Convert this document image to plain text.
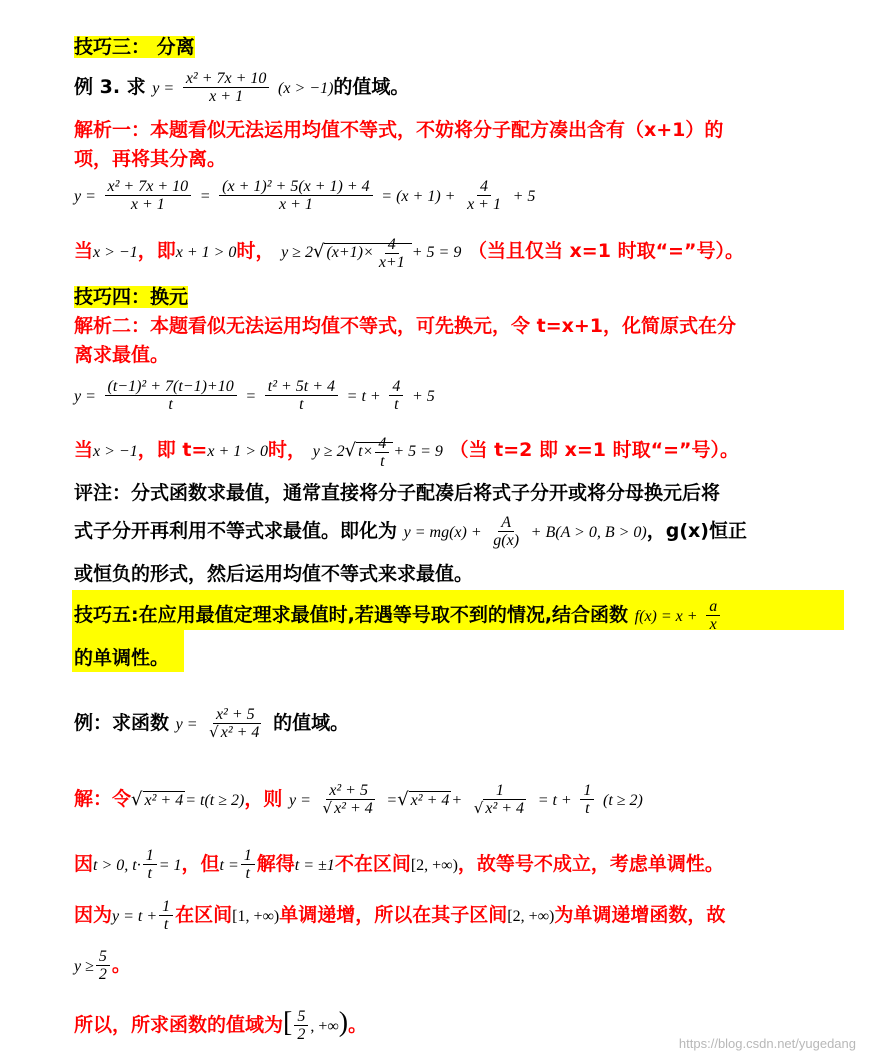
技巧三： 分离
例 3. 求 $y = \frac{\text{x² + 7x + 10}}{x + 1} (x > -1)$的值域。
解析一：本题看似无法运用均值不等式，不妨将分子配方凑出含有（x+1）的
项，再将其分离。
$y = \frac{\text{x² + 7x + 10}}{x + 1} = \frac{\text{(x + 1)² + 5(x + 1) + 4}}{x + 1} = (x + 1) + \frac{4}{x + 1} + 5$
当x > −1，即x + 1 > 0时， y ≥ 2√ $(x+1)\times \frac{4}{x+1} + 5 = 9$ （当且仅当 x=1 时取“=”号）。
技巧四：换元
解析二：本题看似无法运用均值不等式，可先换元，令 t=x+1，化简原式在分
离求最值。
$y = \frac{\text{(t−1)² + 7(t−1)+10}}{t} = \frac{\text{t² + 5t + 4}}{t} = t + \frac{4}{t} + 5$
当x > −1，即 t=x + 1 > 0时， y ≥ 2√ $t\times \frac{4}{t} + 5 = 9$ （当 t=2 即 x=1 时取“=”号）。
评注：分式函数求最值，通常直接将分子配凑后将式子分开或将分母换元后将
式子分开再利用不等式求最值。即化为 $y = mg(x) + \frac{A}{g(x)} + B(A > 0$, B > 0)，g(x)恒正
或恒负的形式，然后运用均值不等式来求最值。
技巧五:在应用最值定理求最值时,若遇等号取不到的情况,结合函数 $f(x) = x + \frac{a}{x}$
的单调性。
例：求函数 $y = \frac{\text{x² + 5}}{\text{√ x² + 4}}$ 的值域。
解：令√ x² + 4 = t(t ≥ 2)，则 $y = \frac{\text{x² + 5}}{\text{√ x² + 4}}$ =√ $x^2 + 4 + \frac{1}{\text{√ x² + 4}} = t + \frac{1}{t} (t \ge 2)$
因t > 0, $t\cdot \frac{1}{t} = 1$，但$t = \frac{1}{t}$ 解得t = ±1不在区间[2, +∞)，故等号不成立，考虑单调性。
因为$y = t + \frac{1}{t}$ 在区间[1, +∞)单调递增，所以在其子区间[2, +∞)为单调递增函数，故
$y \ge \frac{5}{2}$ 。
所以，所求函数的值域为[ $\frac{5}{2}$ , +∞)。
https://blog.csdn.net/yugedang
